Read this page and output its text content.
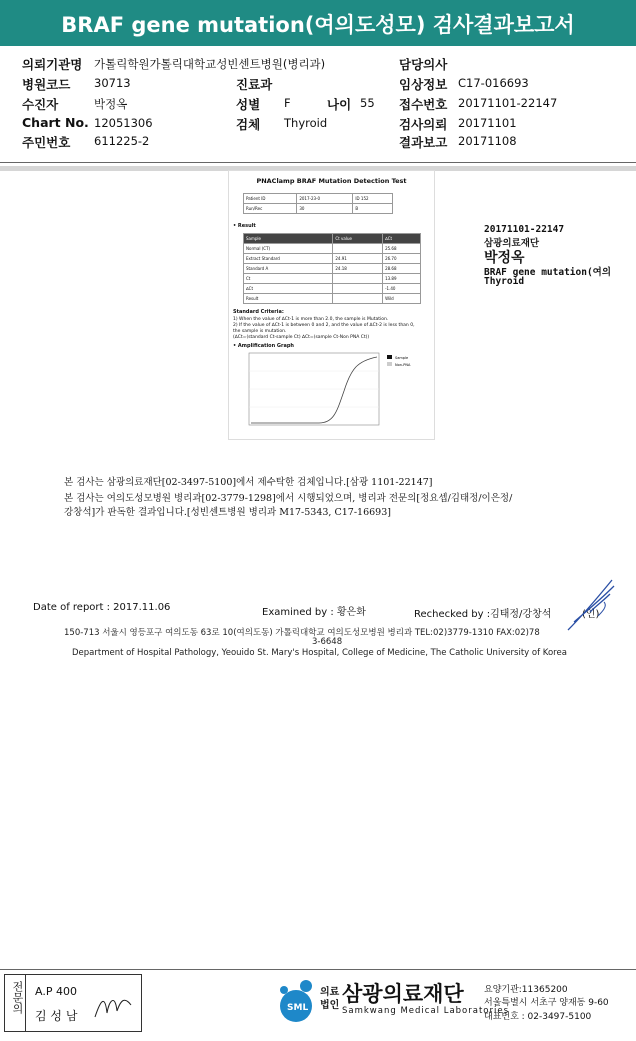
BRAF gene mutation(여의도성모) 검사결과보고서
의뢰기관명 가톨릭학원가톨릭대학교성빈센트병원(병리과)	담당의사
병원코드 30713	진료과	임상정보 C17-016693
수진자	박정옥	성별 F	나이 55 접수번호 20171101-22147
Chart No. 12051306	검체 Thyroid	검사의뢰 20171101
주민번호 611225-2	결과보고 20171108
PNAClamp BRAF Mutation Detection Test
Patient ID	2017-23-0	ID 152
Run/Rec	30	B
• Result
Sample	Ct value	∆Ct
Normal (CT)		25.68
Extract Standard	24.91	26.70
Standard A	24.18	28.68
Ct		13.89
∆Ct		-1.40
Result		Wild
Standard Criteria:
1) When the value of ∆Ct-1 is more than 2.0, the sample is Mutation.
2) If the value of ∆Ct-1 is between 0 and 2, and the value of ∆Ct-2 is less than 0,
the sample is mutation.
(∆Ct=(standard Ct-sample Ct) ∆Ct=(sample Ct-Non PNA Ct))
• Amplification Graph
Sample
Non-PNA
20171101-22147
삼광의료재단
박정옥
BRAF gene mutation(여의
Thyroid
본 검사는 삼광의료재단[02-3497-5100]에서 제수탁한 검체입니다.[삼광 1101-22147]
본 검사는 여의도성모병원 병리과[02-3779-1298]에서 시행되었으며, 병리과 전문의[정요셉/김태정/이은정/
강창석]가 판독한 결과입니다.[성빈센트병원 병리과 M17-5343, C17-16693]
Date of report : 2017.11.06	Examined by : 황은화	Rechecked by :김태정/강창석	(인)
150-713 서울시 영등포구 여의도동 63로 10(여의도동) 가톨릭대학교 여의도성모병원 병리과 TEL:02)3779-1310 FAX:02)78
3-6648
Department of Hospital Pathology, Yeouido St. Mary's Hospital, College of Medicine, The Catholic University of Korea
전문의 A.P 400
김 성 남
SML
의료
법인 삼광의료재단
Samkwang Medical Laboratories
요양기관:11365200
서울특별시 서초구 양재동 9-60
대표번호 : 02-3497-5100
